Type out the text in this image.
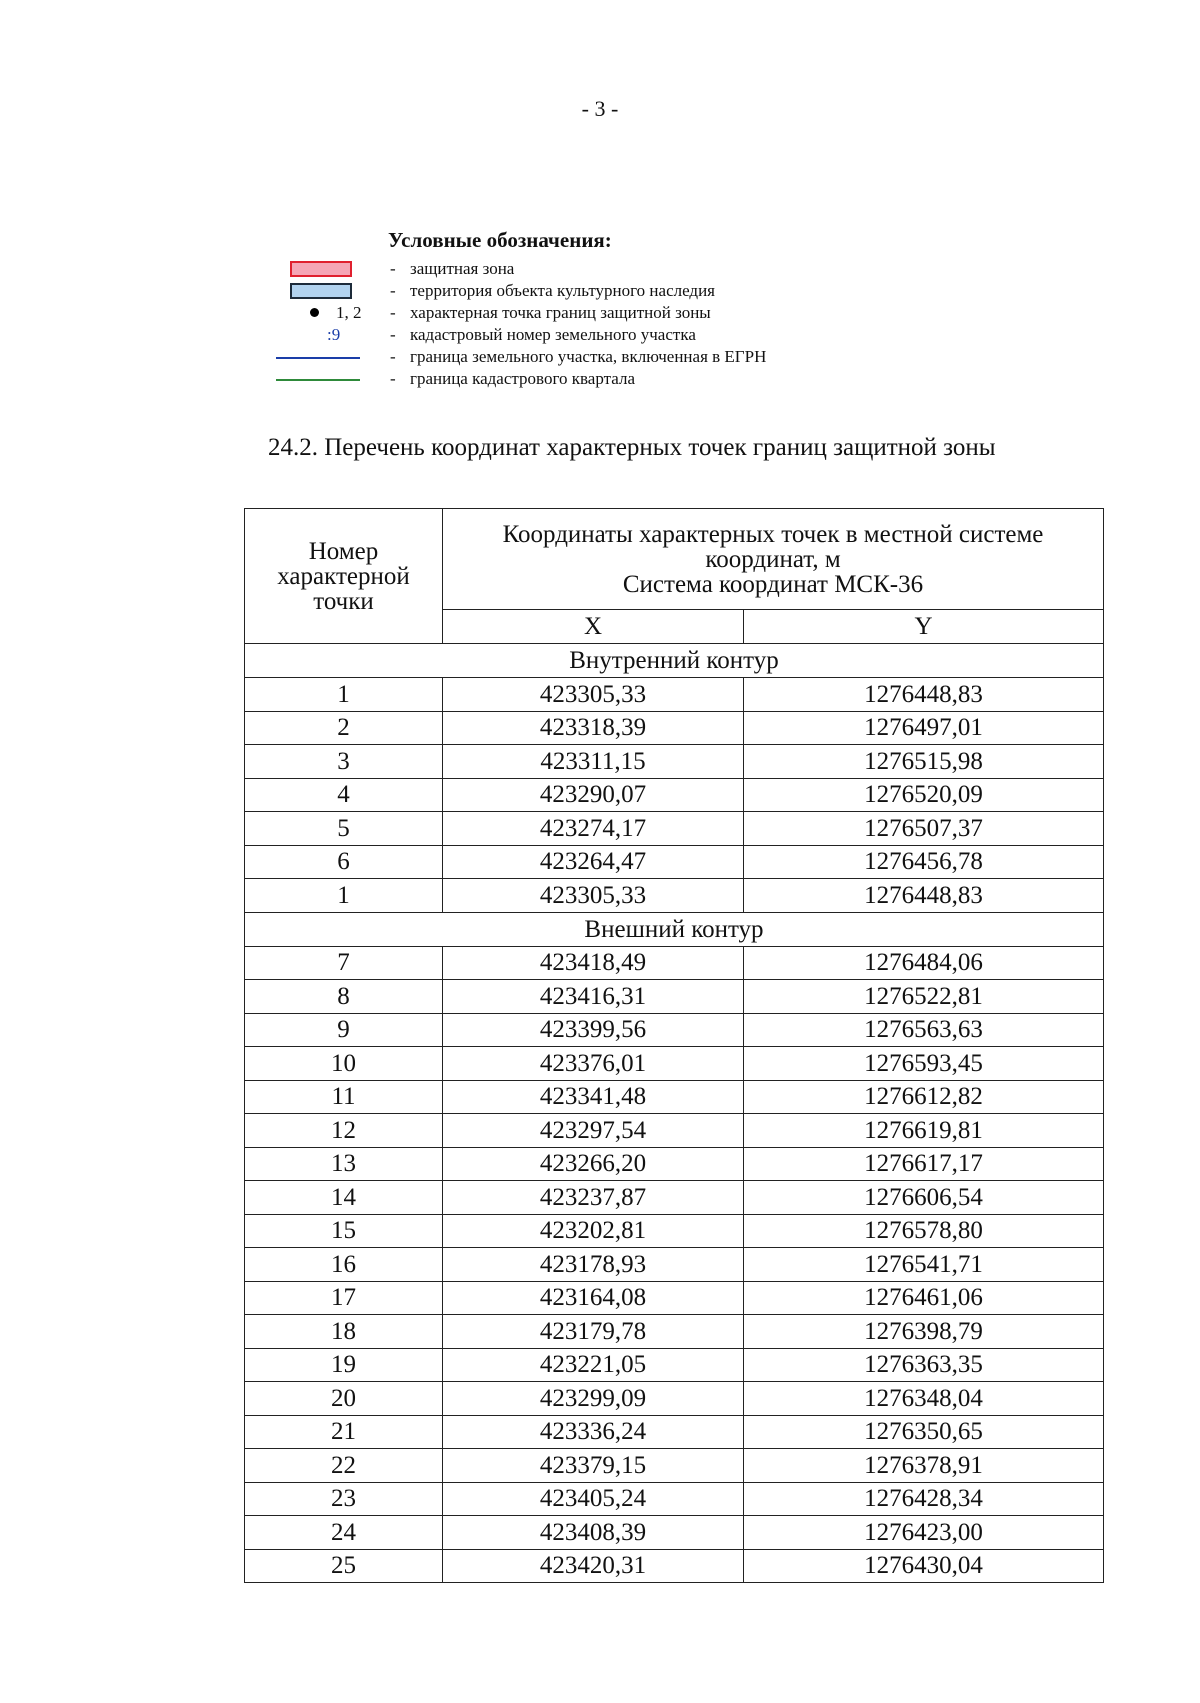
- 3 -
Условные обозначения:
- защитная зона
- территория объекта культурного наследия
1, 2 - характерная точка границ защитной зоны
:9	- кадастровый номер земельного участка
- граница земельного участка, включенная в ЕГРН
- граница кадастрового квартала
24.2. Перечень координат характерных точек границ защитной зоны
Номер
характерной
точки	Координаты характерных точек в местной системе
координат, м
Система координат МСК-36	
	X	Y
Внутренний контур		
1	423305,33	1276448,83
2	423318,39	1276497,01
3	423311,15	1276515,98
4	423290,07	1276520,09
5	423274,17	1276507,37
6	423264,47	1276456,78
1	423305,33	1276448,83
Внешний контур		
7	423418,49	1276484,06
8	423416,31	1276522,81
9	423399,56	1276563,63
10	423376,01	1276593,45
11	423341,48	1276612,82
12	423297,54	1276619,81
13	423266,20	1276617,17
14	423237,87	1276606,54
15	423202,81	1276578,80
16	423178,93	1276541,71
17	423164,08	1276461,06
18	423179,78	1276398,79
19	423221,05	1276363,35
20	423299,09	1276348,04
21	423336,24	1276350,65
22	423379,15	1276378,91
23	423405,24	1276428,34
24	423408,39	1276423,00
25	423420,31	1276430,04
